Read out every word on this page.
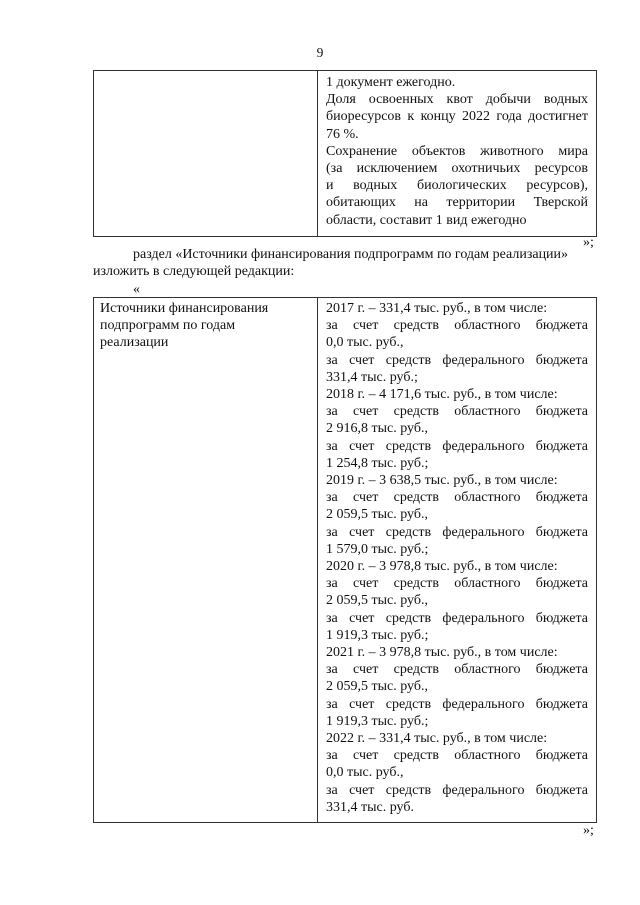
9
1 документ ежегодно.
Доля освоенных квот добычи водных
биоресурсов к концу 2022 года достигнет
76 %.
Сохранение объектов животного мира
(за исключением охотничьих ресурсов
и водных биологических ресурсов),
обитающих на территории Тверской
области, составит 1 вид ежегодно
»;
раздел «Источники финансирования подпрограмм по годам реализации»
изложить в следующей редакции:
«
Источники финансирования
подпрограмм по годам
реализации
2017 г. – 331,4 тыс. руб., в том числе:
за счет средств областного бюджета
0,0 тыс. руб.,
за счет средств федерального бюджета
331,4 тыс. руб.;
2018 г. – 4 171,6 тыс. руб., в том числе:
за счет средств областного бюджета
2 916,8 тыс. руб.,
за счет средств федерального бюджета
1 254,8 тыс. руб.;
2019 г. – 3 638,5 тыс. руб., в том числе:
за счет средств областного бюджета
2 059,5 тыс. руб.,
за счет средств федерального бюджета
1 579,0 тыс. руб.;
2020 г. – 3 978,8 тыс. руб., в том числе:
за счет средств областного бюджета
2 059,5 тыс. руб.,
за счет средств федерального бюджета
1 919,3 тыс. руб.;
2021 г. – 3 978,8 тыс. руб., в том числе:
за счет средств областного бюджета
2 059,5 тыс. руб.,
за счет средств федерального бюджета
1 919,3 тыс. руб.;
2022 г. – 331,4 тыс. руб., в том числе:
за счет средств областного бюджета
0,0 тыс. руб.,
за счет средств федерального бюджета
331,4 тыс. руб.
»;
